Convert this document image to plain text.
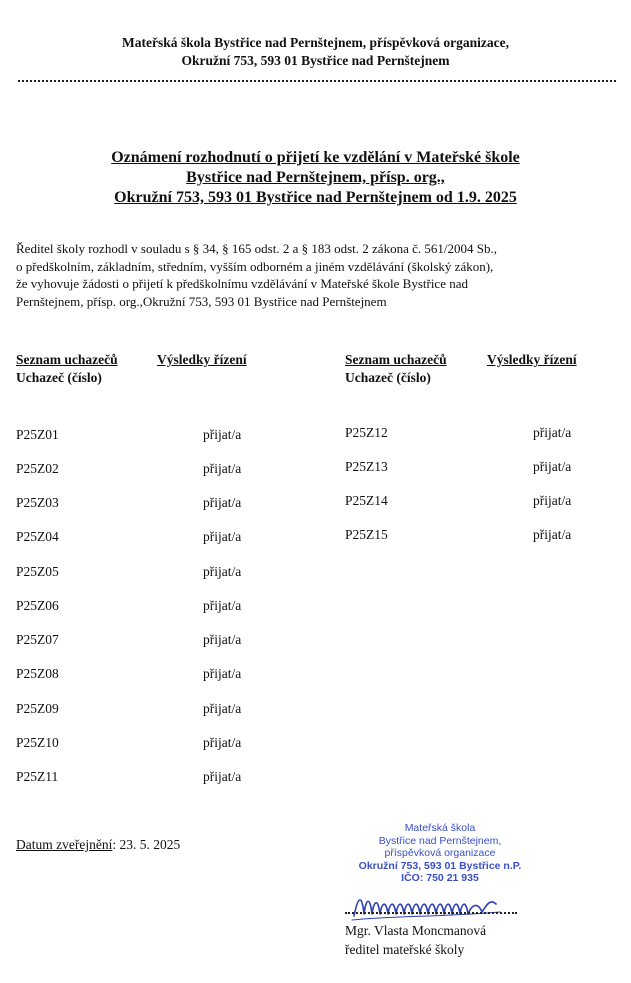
Mateřská škola Bystřice nad Pernštejnem, příspěvková organizace,
Okružní 753, 593 01 Bystřice nad Pernštejnem
Oznámení rozhodnutí o přijetí ke vzdělání v Mateřské škole
Bystřice nad Pernštejnem, přísp. org.,
Okružní 753, 593 01 Bystřice nad Pernštejnem od 1.9. 2025
Ředitel školy rozhodl v souladu s § 34, § 165 odst. 2 a § 183 odst. 2 zákona č. 561/2004 Sb.,
o předškolním, základním, středním, vyšším odborném a jiném vzdělávání (školský zákon),
že vyhovuje žádosti o přijetí k předškolnímu vzdělávání v Mateřské škole Bystřice nad
Pernštejnem, přísp. org.,Okružní 753, 593 01 Bystřice nad Pernštejnem
Seznam uchazečů
Uchazeč (číslo)
Výsledky řízení	Seznam uchazečů
Uchazeč (číslo)
Výsledky řízení
P25Z01	přijat/a
P25Z02	přijat/a
P25Z03	přijat/a
P25Z04	přijat/a
P25Z05	přijat/a
P25Z06	přijat/a
P25Z07	přijat/a
P25Z08	přijat/a
P25Z09	přijat/a
P25Z10	přijat/a
P25Z11	přijat/a
P25Z12	přijat/a
P25Z13	přijat/a
P25Z14	přijat/a
P25Z15	přijat/a
Datum zveřejnění: 23. 5. 2025
Mateřská škola
Bystřice nad Pernštejnem,
příspěvková organizace
Okružní 753, 593 01 Bystřice n.P.
IČO: 750 21 935
Mgr. Vlasta Moncmanová
ředitel mateřské školy
